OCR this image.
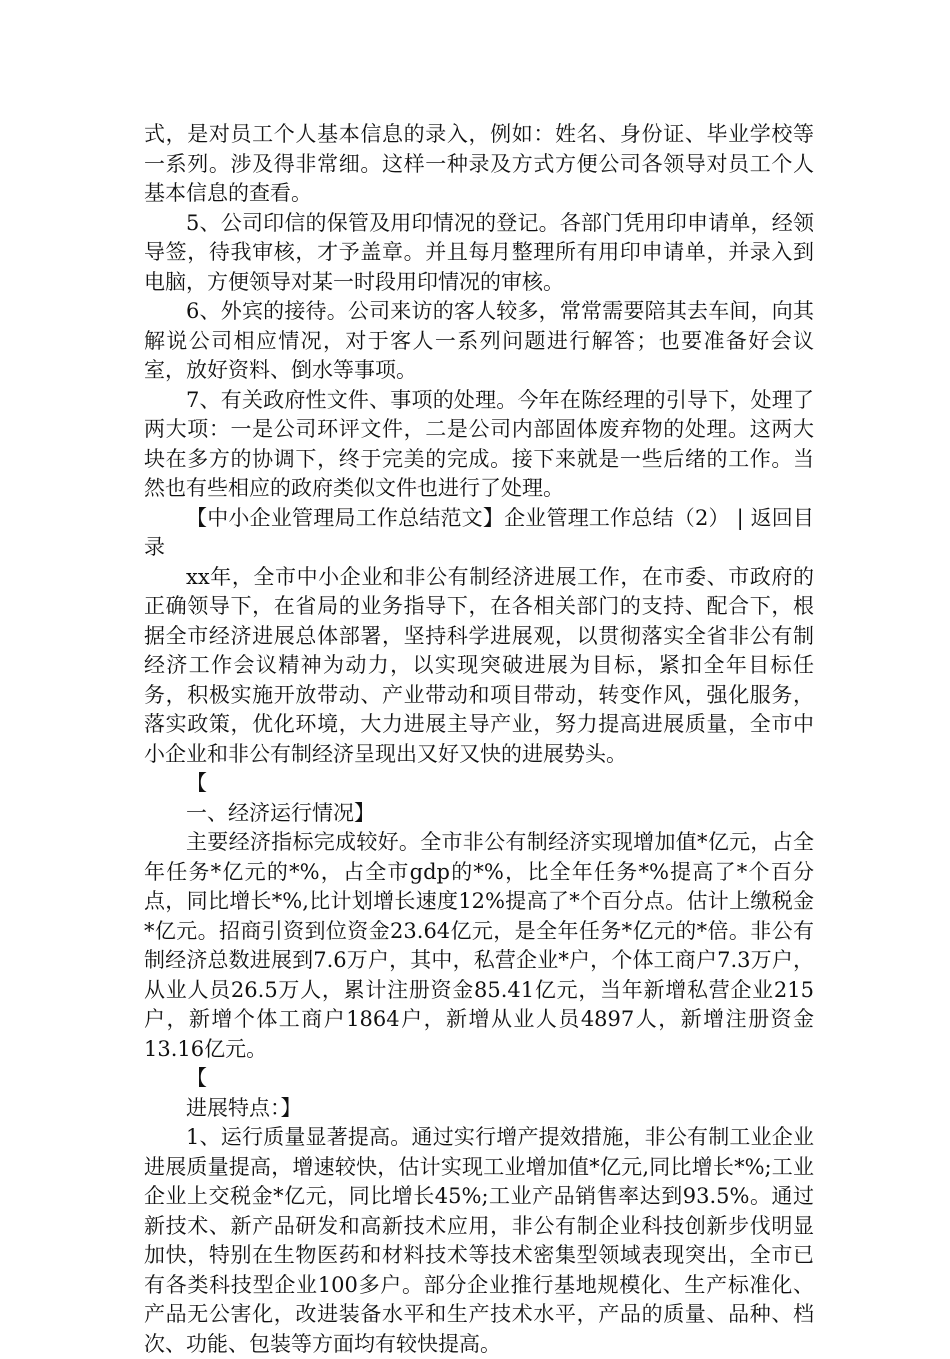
式，是对员工个人基本信息的录入，例如：姓名、身份证、毕业学校等一系列。涉及得非常细。这样一种录及方式方便公司各领导对员工个人基本信息的查看。

5、公司印信的保管及用印情况的登记。各部门凭用印申请单，经领导签，待我审核，才予盖章。并且每月整理所有用印申请单，并录入到电脑，方便领导对某一时段用印情况的审核。

6、外宾的接待。公司来访的客人较多，常常需要陪其去车间，向其解说公司相应情况，对于客人一系列问题进行解答；也要准备好会议室，放好资料、倒水等事项。

7、有关政府性文件、事项的处理。今年在陈经理的引导下，处理了两大项：一是公司环评文件，二是公司内部固体废弃物的处理。这两大块在多方的协调下，终于完美的完成。接下来就是一些后绪的工作。当然也有些相应的政府类似文件也进行了处理。

【中小企业管理局工作总结范文】企业管理工作总结（2） | 返回目录

xx年，全市中小企业和非公有制经济进展工作，在市委、市政府的正确领导下，在省局的业务指导下，在各相关部门的支持、配合下，根据全市经济进展总体部署，坚持科学进展观，以贯彻落实全省非公有制经济工作会议精神为动力，以实现突破进展为目标，紧扣全年目标任务，积极实施开放带动、产业带动和项目带动，转变作风，强化服务，落实政策，优化环境，大力进展主导产业，努力提高进展质量，全市中小企业和非公有制经济呈现出又好又快的进展势头。

【

一、经济运行情况】

主要经济指标完成较好。全市非公有制经济实现增加值*亿元，占全年任务*亿元的*%，占全市gdp的*%，比全年任务*%提高了*个百分点，同比增长*%,比计划增长速度12%提高了*个百分点。估计上缴税金*亿元。招商引资到位资金23.64亿元，是全年任务*亿元的*倍。非公有制经济总数进展到7.6万户，其中，私营企业*户，个体工商户7.3万户，从业人员26.5万人，累计注册资金85.41亿元，当年新增私营企业215户，新增个体工商户1864户，新增从业人员4897人，新增注册资金13.16亿元。

【

进展特点：】

1、运行质量显著提高。通过实行增产提效措施，非公有制工业企业进展质量提高，增速较快，估计实现工业增加值*亿元,同比增长*%;工业企业上交税金*亿元，同比增长45%;工业产品销售率达到93.5%。通过新技术、新产品研发和高新技术应用，非公有制企业科技创新步伐明显加快，特别在生物医药和材料技术等技术密集型领域表现突出，全市已有各类科技型企业100多户。部分企业推行基地规模化、生产标准化、产品无公害化，改进装备水平和生产技术水平，产品的质量、品种、档次、功能、包装等方面均有较快提高。
